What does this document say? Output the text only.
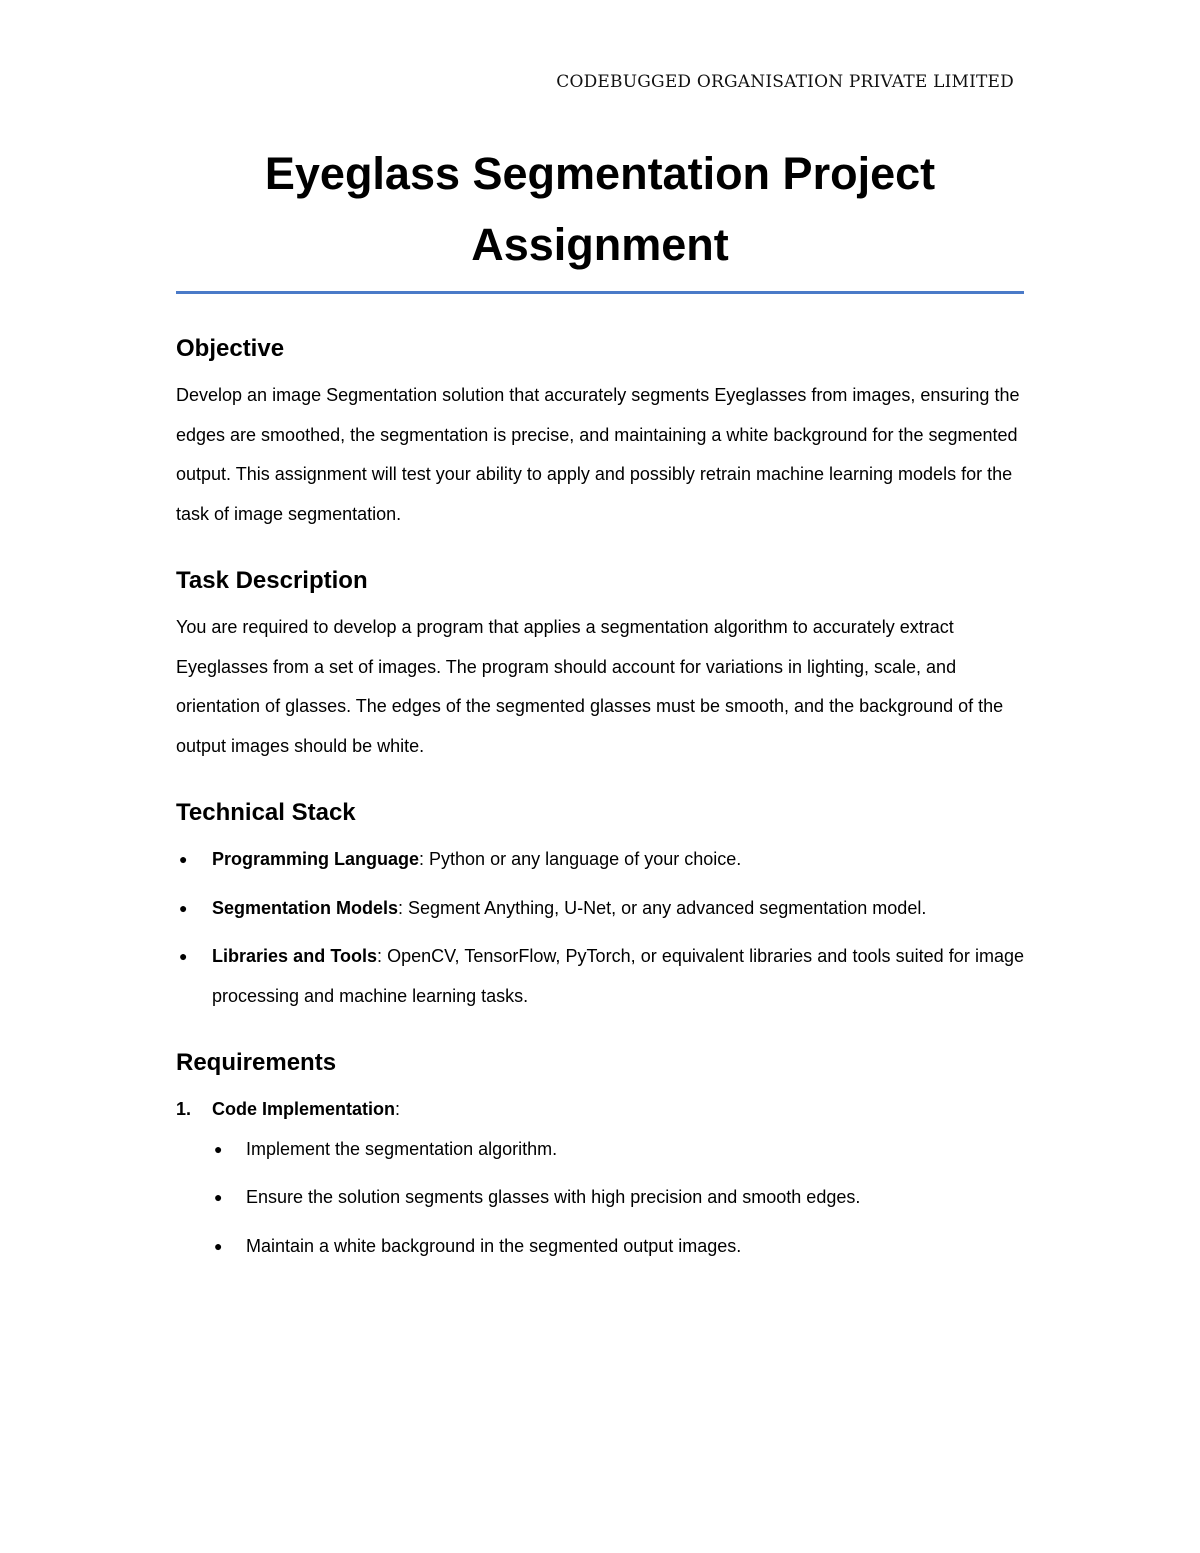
CODEBUGGED ORGANISATION PRIVATE LIMITED
Eyeglass Segmentation Project
Assignment
Objective

Develop an image Segmentation solution that accurately segments Eyeglasses from images, ensuring the edges are smoothed, the segmentation is precise, and maintaining a white background for the segmented output. This assignment will test your ability to apply and possibly retrain machine learning models for the task of image segmentation.

Task Description

You are required to develop a program that applies a segmentation algorithm to accurately extract Eyeglasses from a set of images. The program should account for variations in lighting, scale, and orientation of glasses. The edges of the segmented glasses must be smooth, and the background of the output images should be white.

Technical Stack
● Programming Language: Python or any language of your choice.
● Segmentation Models: Segment Anything, U-Net, or any advanced segmentation model.
● Libraries and Tools: OpenCV, TensorFlow, PyTorch, or equivalent libraries and tools suited for image processing and machine learning tasks.
Requirements
1. Code Implementation:
● Implement the segmentation algorithm.
● Ensure the solution segments glasses with high precision and smooth edges.
● Maintain a white background in the segmented output images.
